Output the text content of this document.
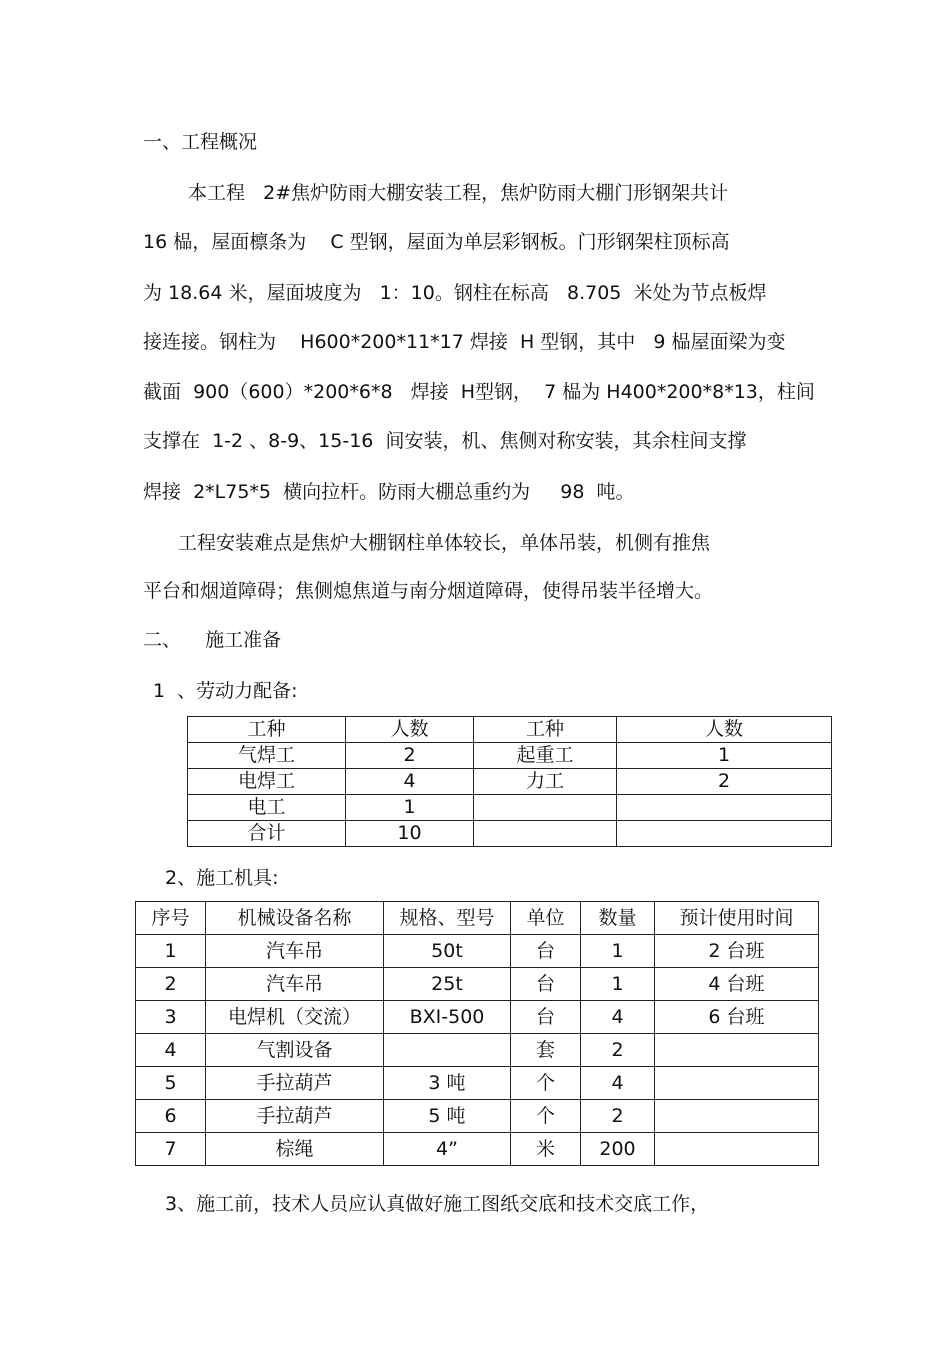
一、工程概况
本工程   2#焦炉防雨大棚安装工程，焦炉防雨大棚门形钢架共计
16 榀，屋面檩条为    C 型钢，屋面为单层彩钢板。门形钢架柱顶标高
为 18.64 米，屋面坡度为   1：10。钢柱在标高   8.705  米处为节点板焊
接连接。钢柱为    H600*200*11*17 焊接  H 型钢，其中   9 榀屋面梁为变
截面  900（600）*200*6*8   焊接  H型钢，  7 榀为 H400*200*8*13，柱间
支撑在  1-2 、8-9、15-16  间安装，机、焦侧对称安装，其余柱间支撑
焊接  2*L75*5  横向拉杆。防雨大棚总重约为     98  吨。
工程安装难点是焦炉大棚钢柱单体较长，单体吊装，机侧有推焦
平台和烟道障碍；焦侧熄焦道与南分烟道障碍，使得吊装半径增大。
二、    施工准备
1  、劳动力配备:
工种	人数	工种	人数
气焊工	2	起重工	1
电焊工	4	力工	2
电工	1		
合计	10		
2、施工机具:
序号	机械设备名称	规格、型号	单位	数量	预计使用时间
1	汽车吊	50t	台	1	2 台班
2	汽车吊	25t	台	1	4 台班
3	电焊机（交流）	BXI-500	台	4	6 台班
4	气割设备		套	2	
5	手拉葫芦	3 吨	个	4	
6	手拉葫芦	5 吨	个	2	
7	棕绳	4”	米	200	
3、施工前，技术人员应认真做好施工图纸交底和技术交底工作，
